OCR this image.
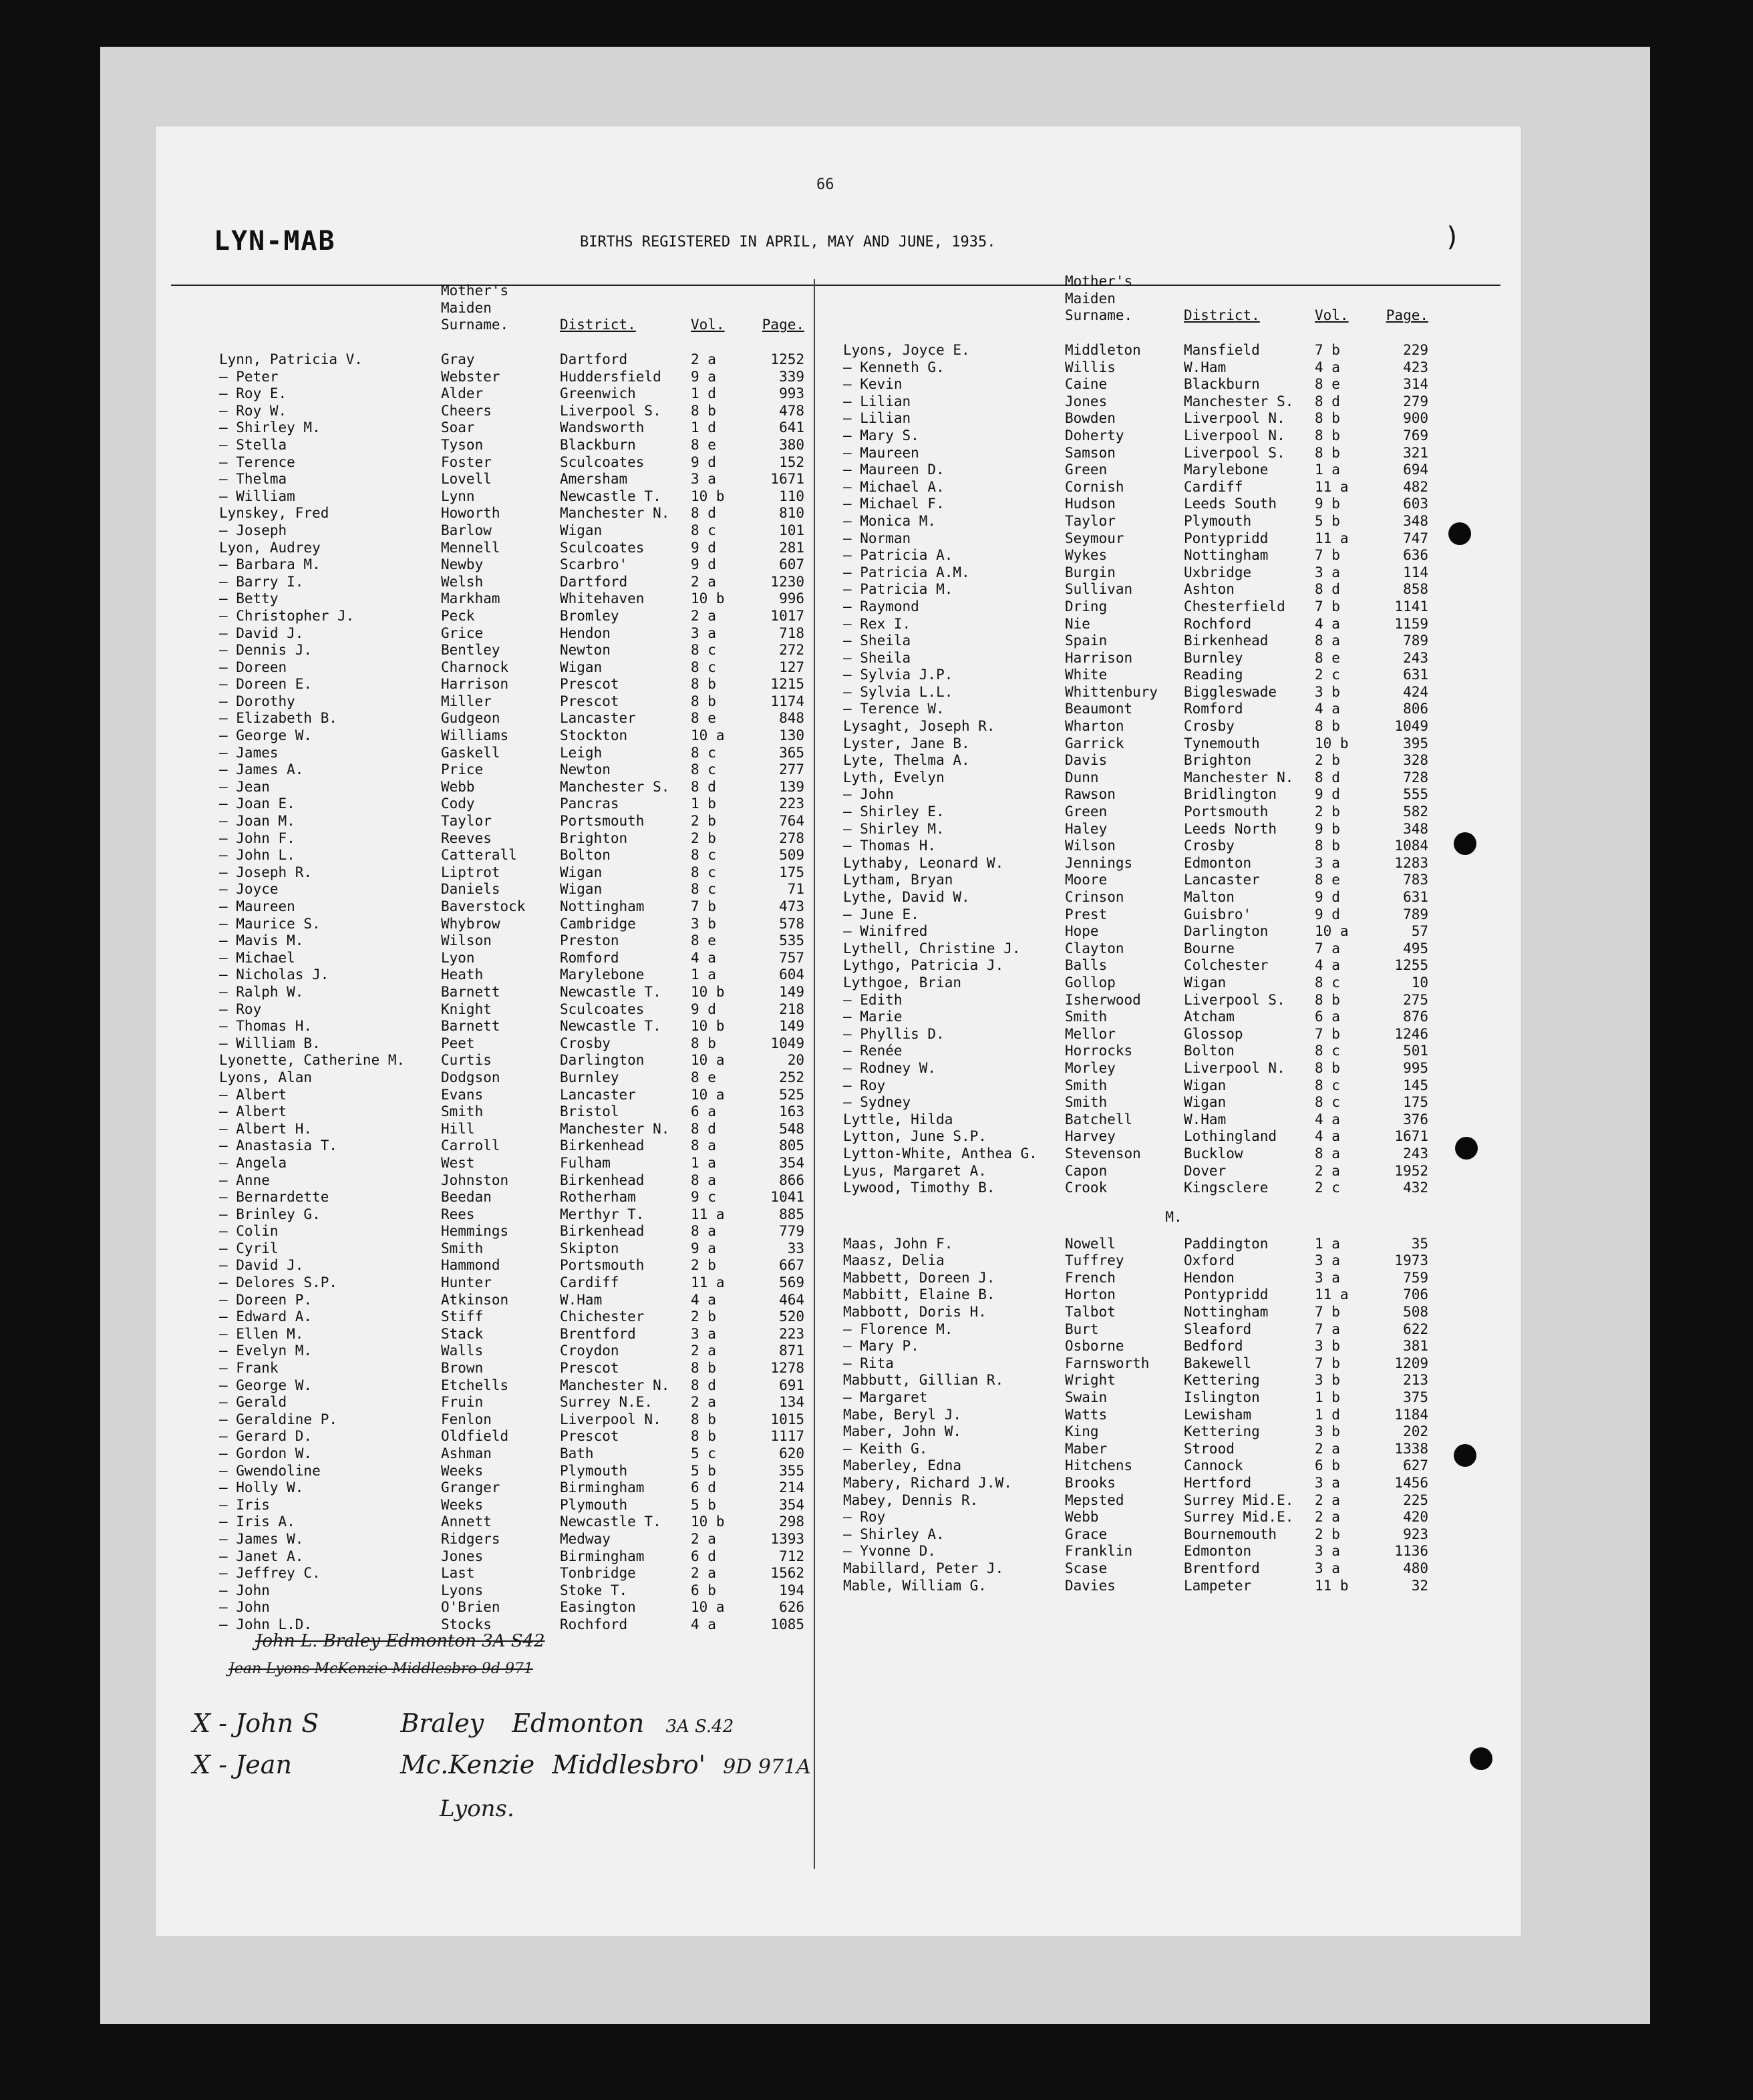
66
LYN-MAB	BIRTHS REGISTERED IN APRIL, MAY AND JUNE, 1935.	)
Mother's Maiden Surname.	District.	Vol.	Page.
Lynn, Patricia V.	Gray	Dartford	2 a	1252
— Peter	Webster	Huddersfield	9 a	339
— Roy E.	Alder	Greenwich	1 d	993
— Roy W.	Cheers	Liverpool S.	8 b	478
— Shirley M.	Soar	Wandsworth	1 d	641
— Stella	Tyson	Blackburn	8 e	380
— Terence	Foster	Sculcoates	9 d	152
— Thelma	Lovell	Amersham	3 a	1671
— William	Lynn	Newcastle T.	10 b	110
Lynskey, Fred	Howorth	Manchester N.	8 d	810
— Joseph	Barlow	Wigan	8 c	101
Lyon, Audrey	Mennell	Sculcoates	9 d	281
— Barbara M.	Newby	Scarbro'	9 d	607
— Barry I.	Welsh	Dartford	2 a	1230
— Betty	Markham	Whitehaven	10 b	996
— Christopher J.	Peck	Bromley	2 a	1017
— David J.	Grice	Hendon	3 a	718
— Dennis J.	Bentley	Newton	8 c	272
— Doreen	Charnock	Wigan	8 c	127
— Doreen E.	Harrison	Prescot	8 b	1215
— Dorothy	Miller	Prescot	8 b	1174
— Elizabeth B.	Gudgeon	Lancaster	8 e	848
— George W.	Williams	Stockton	10 a	130
— James	Gaskell	Leigh	8 c	365
— James A.	Price	Newton	8 c	277
— Jean	Webb	Manchester S.	8 d	139
— Joan E.	Cody	Pancras	1 b	223
— Joan M.	Taylor	Portsmouth	2 b	764
— John F.	Reeves	Brighton	2 b	278
— John L.	Catterall	Bolton	8 c	509
— Joseph R.	Liptrot	Wigan	8 c	175
— Joyce	Daniels	Wigan	8 c	71
— Maureen	Baverstock	Nottingham	7 b	473
— Maurice S.	Whybrow	Cambridge	3 b	578
— Mavis M.	Wilson	Preston	8 e	535
— Michael	Lyon	Romford	4 a	757
— Nicholas J.	Heath	Marylebone	1 a	604
— Ralph W.	Barnett	Newcastle T.	10 b	149
— Roy	Knight	Sculcoates	9 d	218
— Thomas H.	Barnett	Newcastle T.	10 b	149
— William B.	Peet	Crosby	8 b	1049
Lyonette, Catherine M.	Curtis	Darlington	10 a	20
Lyons, Alan	Dodgson	Burnley	8 e	252
— Albert	Evans	Lancaster	10 a	525
— Albert	Smith	Bristol	6 a	163
— Albert H.	Hill	Manchester N.	8 d	548
— Anastasia T.	Carroll	Birkenhead	8 a	805
— Angela	West	Fulham	1 a	354
— Anne	Johnston	Birkenhead	8 a	866
— Bernardette	Beedan	Rotherham	9 c	1041
— Brinley G.	Rees	Merthyr T.	11 a	885
— Colin	Hemmings	Birkenhead	8 a	779
— Cyril	Smith	Skipton	9 a	33
— David J.	Hammond	Portsmouth	2 b	667
— Delores S.P.	Hunter	Cardiff	11 a	569
— Doreen P.	Atkinson	W.Ham	4 a	464
— Edward A.	Stiff	Chichester	2 b	520
— Ellen M.	Stack	Brentford	3 a	223
— Evelyn M.	Walls	Croydon	2 a	871
— Frank	Brown	Prescot	8 b	1278
— George W.	Etchells	Manchester N.	8 d	691
— Gerald	Fruin	Surrey N.E.	2 a	134
— Geraldine P.	Fenlon	Liverpool N.	8 b	1015
— Gerard D.	Oldfield	Prescot	8 b	1117
— Gordon W.	Ashman	Bath	5 c	620
— Gwendoline	Weeks	Plymouth	5 b	355
— Holly W.	Granger	Birmingham	6 d	214
— Iris	Weeks	Plymouth	5 b	354
— Iris A.	Annett	Newcastle T.	10 b	298
— James W.	Ridgers	Medway	2 a	1393
— Janet A.	Jones	Birmingham	6 d	712
— Jeffrey C.	Last	Tonbridge	2 a	1562
— John	Lyons	Stoke T.	6 b	194
— John	O'Brien	Easington	10 a	626
— John L.D.	Stocks	Rochford	4 a	1085
Mother's Maiden Surname.	District.	Vol.	Page.
Lyons, Joyce E.	Middleton	Mansfield	7 b	229
— Kenneth G.	Willis	W.Ham	4 a	423
— Kevin	Caine	Blackburn	8 e	314
— Lilian	Jones	Manchester S.	8 d	279
— Lilian	Bowden	Liverpool N.	8 b	900
— Mary S.	Doherty	Liverpool N.	8 b	769
— Maureen	Samson	Liverpool S.	8 b	321
— Maureen D.	Green	Marylebone	1 a	694
— Michael A.	Cornish	Cardiff	11 a	482
— Michael F.	Hudson	Leeds South	9 b	603
— Monica M.	Taylor	Plymouth	5 b	348
— Norman	Seymour	Pontypridd	11 a	747
— Patricia A.	Wykes	Nottingham	7 b	636
— Patricia A.M.	Burgin	Uxbridge	3 a	114
— Patricia M.	Sullivan	Ashton	8 d	858
— Raymond	Dring	Chesterfield	7 b	1141
— Rex I.	Nie	Rochford	4 a	1159
— Sheila	Spain	Birkenhead	8 a	789
— Sheila	Harrison	Burnley	8 e	243
— Sylvia J.P.	White	Reading	2 c	631
— Sylvia L.L.	Whittenbury	Biggleswade	3 b	424
— Terence W.	Beaumont	Romford	4 a	806
Lysaght, Joseph R.	Wharton	Crosby	8 b	1049
Lyster, Jane B.	Garrick	Tynemouth	10 b	395
Lyte, Thelma A.	Davis	Brighton	2 b	328
Lyth, Evelyn	Dunn	Manchester N.	8 d	728
— John	Rawson	Bridlington	9 d	555
— Shirley E.	Green	Portsmouth	2 b	582
— Shirley M.	Haley	Leeds North	9 b	348
— Thomas H.	Wilson	Crosby	8 b	1084
Lythaby, Leonard W.	Jennings	Edmonton	3 a	1283
Lytham, Bryan	Moore	Lancaster	8 e	783
Lythe, David W.	Crinson	Malton	9 d	631
— June E.	Prest	Guisbro'	9 d	789
— Winifred	Hope	Darlington	10 a	57
Lythell, Christine J.	Clayton	Bourne	7 a	495
Lythgo, Patricia J.	Balls	Colchester	4 a	1255
Lythgoe, Brian	Gollop	Wigan	8 c	10
— Edith	Isherwood	Liverpool S.	8 b	275
— Marie	Smith	Atcham	6 a	876
— Phyllis D.	Mellor	Glossop	7 b	1246
— Renée	Horrocks	Bolton	8 c	501
— Rodney W.	Morley	Liverpool N.	8 b	995
— Roy	Smith	Wigan	8 c	145
— Sydney	Smith	Wigan	8 c	175
Lyttle, Hilda	Batchell	W.Ham	4 a	376
Lytton, June S.P.	Harvey	Lothingland	4 a	1671
Lytton-White, Anthea G.	Stevenson	Bucklow	8 a	243
Lyus, Margaret A.	Capon	Dover	2 a	1952
Lywood, Timothy B.	Crook	Kingsclere	2 c	432
M.
Maas, John F.	Nowell	Paddington	1 a	35
Maasz, Delia	Tuffrey	Oxford	3 a	1973
Mabbett, Doreen J.	French	Hendon	3 a	759
Mabbitt, Elaine B.	Horton	Pontypridd	11 a	706
Mabbott, Doris H.	Talbot	Nottingham	7 b	508
— Florence M.	Burt	Sleaford	7 a	622
— Mary P.	Osborne	Bedford	3 b	381
— Rita	Farnsworth	Bakewell	7 b	1209
Mabbutt, Gillian R.	Wright	Kettering	3 b	213
— Margaret	Swain	Islington	1 b	375
Mabe, Beryl J.	Watts	Lewisham	1 d	1184
Maber, John W.	King	Kettering	3 b	202
— Keith G.	Maber	Strood	2 a	1338
Maberley, Edna	Hitchens	Cannock	6 b	627
Mabery, Richard J.W.	Brooks	Hertford	3 a	1456
Mabey, Dennis R.	Mepsted	Surrey Mid.E.	2 a	225
— Roy	Webb	Surrey Mid.E.	2 a	420
— Shirley A.	Grace	Bournemouth	2 b	923
— Yvonne D.	Franklin	Edmonton	3 a	1136
Mabillard, Peter J.	Scase	Brentford	3 a	480
Mable, William G.	Davies	Lampeter	11 b	32
John L. Braley Edmonton 3A S42
Jean Lyons McKenzie Middlesbro 9d 971
X - John S	Braley Edmonton 3A S.42
X - Jean	Mc.Kenzie Middlesbro' 9D 971A
Lyons.
